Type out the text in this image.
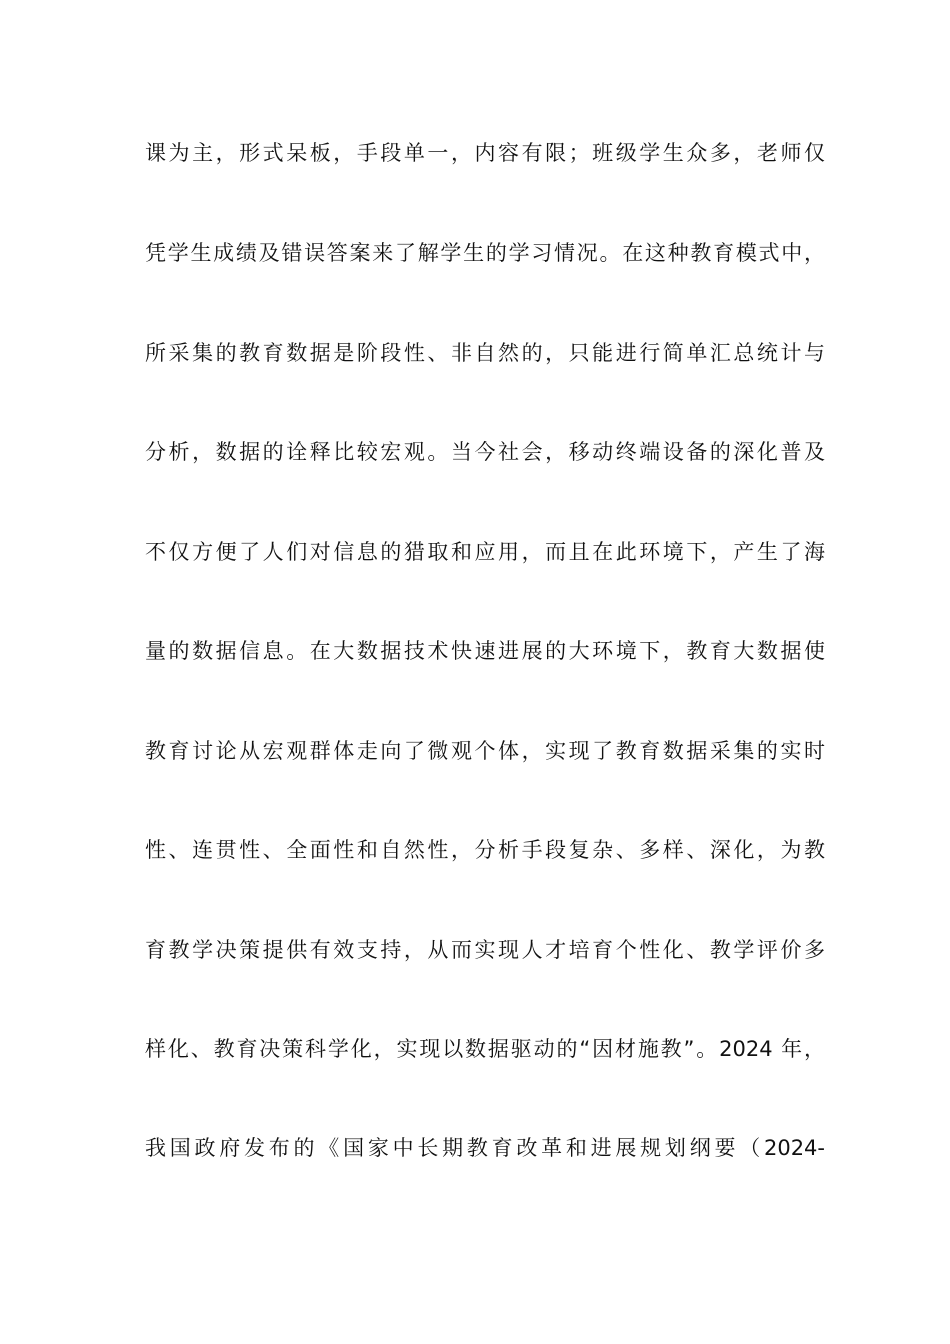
课为主，形式呆板，手段单一，内容有限；班级学生众多，老师仅

凭学生成绩及错误答案来了解学生的学习情况。在这种教育模式中，

所采集的教育数据是阶段性、非自然的，只能进行简单汇总统计与

分析，数据的诠释比较宏观。当今社会，移动终端设备的深化普及

不仅方便了人们对信息的猎取和应用，而且在此环境下，产生了海

量的数据信息。在大数据技术快速进展的大环境下，教育大数据使

教育讨论从宏观群体走向了微观个体，实现了教育数据采集的实时

性、连贯性、全面性和自然性，分析手段复杂、多样、深化，为教

育教学决策提供有效支持，从而实现人才培育个性化、教学评价多

样化、教育决策科学化，实现以数据驱动的“因材施教”。2024 年，

我国政府发布的《国家中长期教育改革和进展规划纲要（2024-
